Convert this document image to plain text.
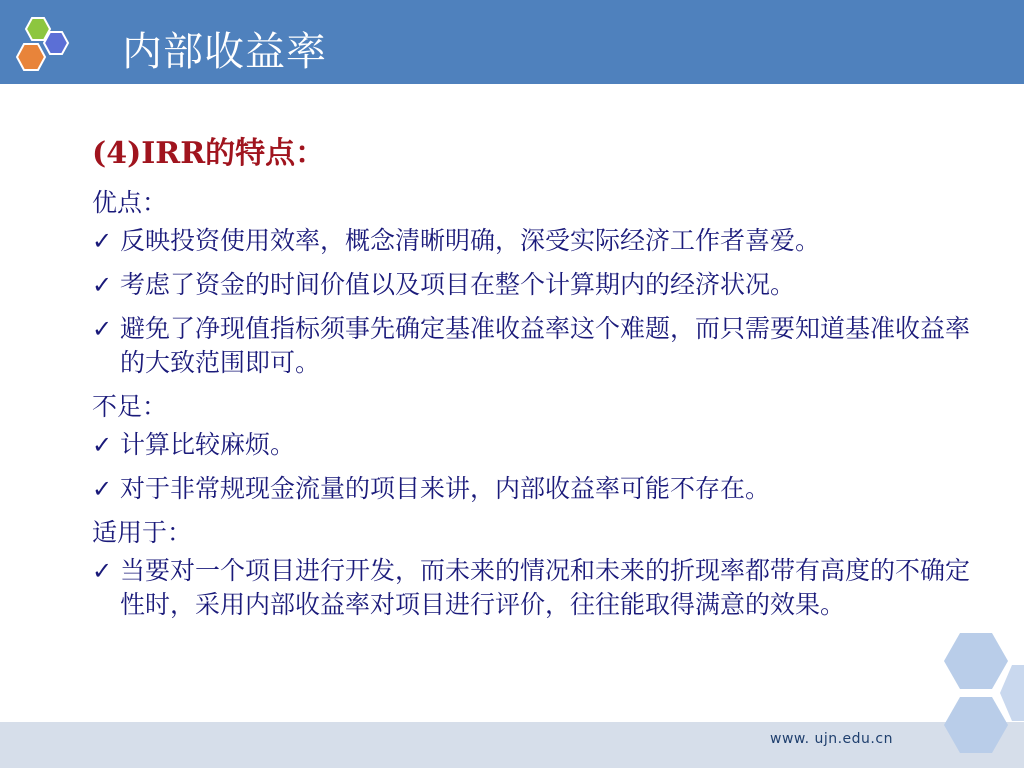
内部收益率
(4)IRR的特点：
优点：
✓ 反映投资使用效率，概念清晰明确，深受实际经济工作者喜爱。
✓ 考虑了资金的时间价值以及项目在整个计算期内的经济状况。
✓ 避免了净现值指标须事先确定基准收益率这个难题，而只需要知道基准收益率的大致范围即可。
不足：
✓ 计算比较麻烦。
✓ 对于非常规现金流量的项目来讲，内部收益率可能不存在。
适用于：
✓ 当要对一个项目进行开发，而未来的情况和未来的折现率都带有高度的不确定性时，采用内部收益率对项目进行评价，往往能取得满意的效果。
www. ujn.edu.cn
